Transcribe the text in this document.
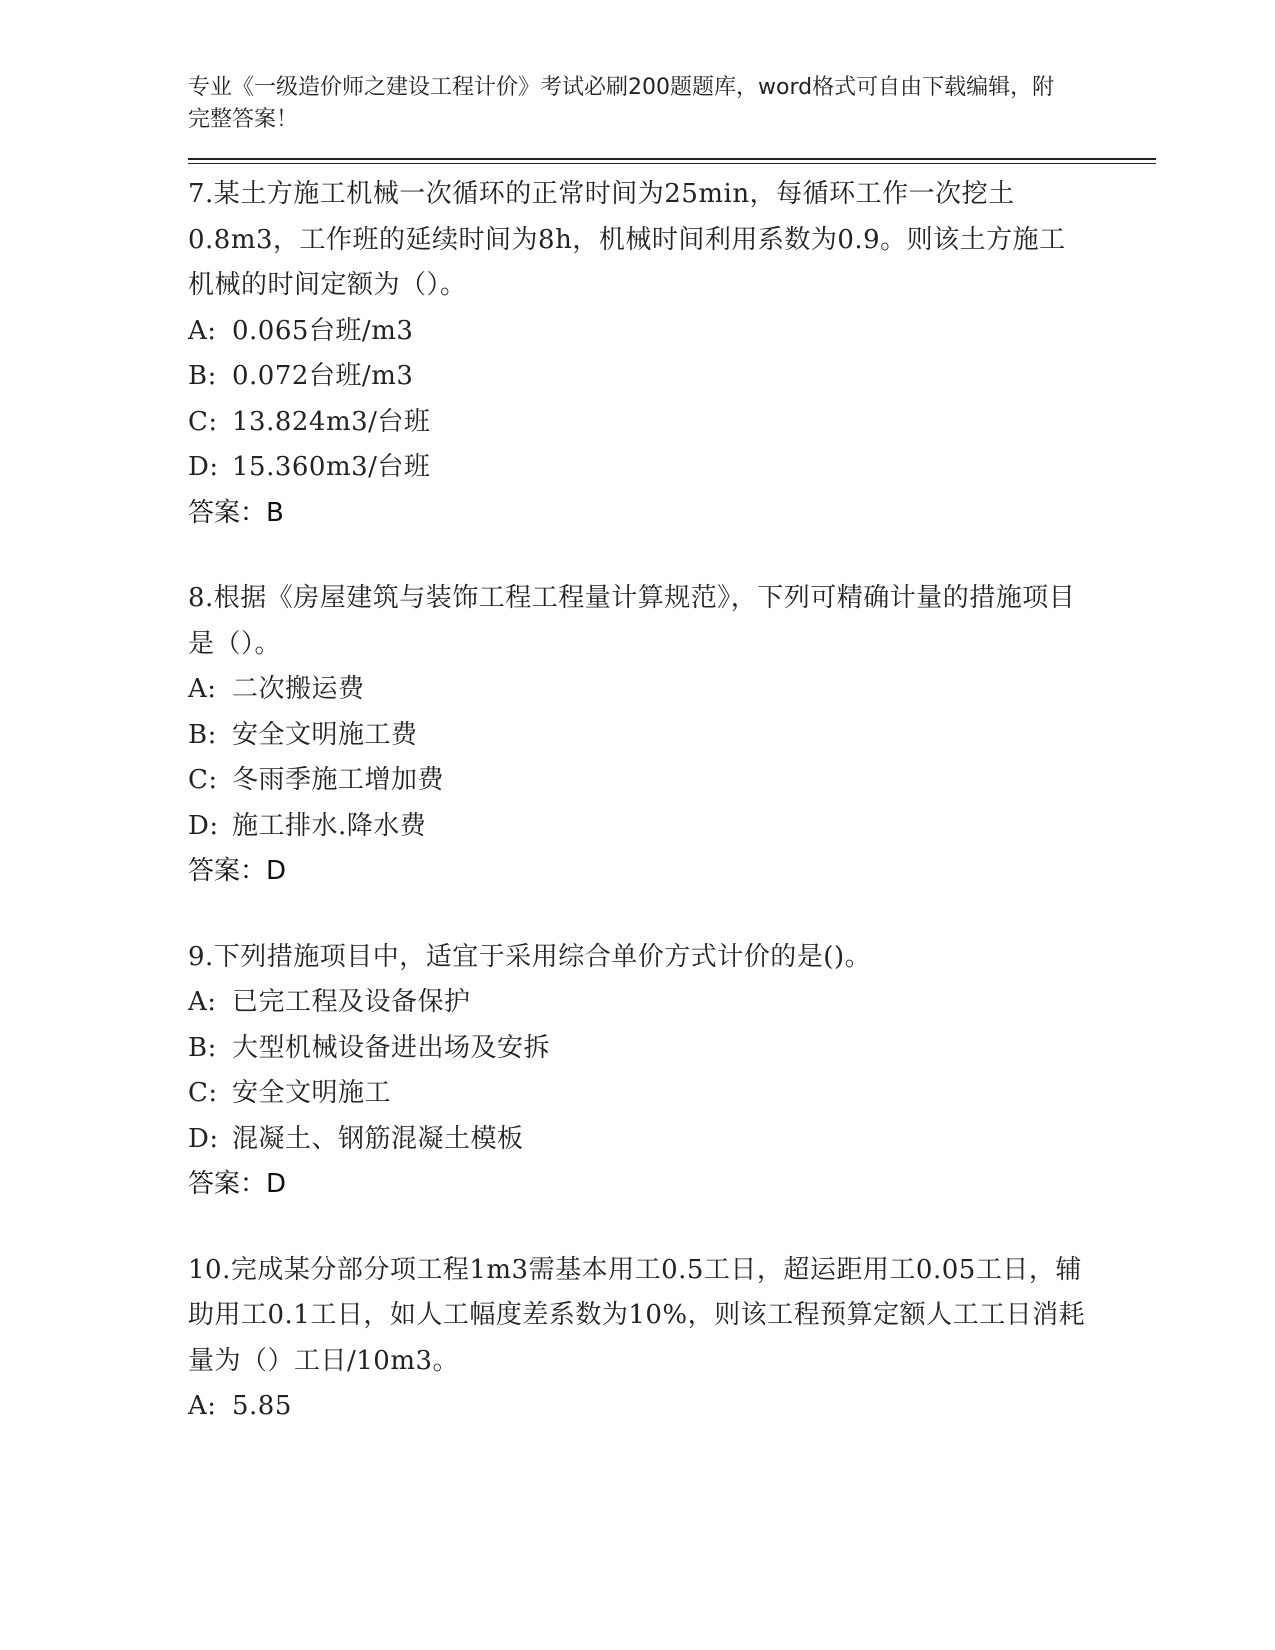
专业《一级造价师之建设工程计价》考试必刷200题题库，word格式可自由下载编辑，附完整答案！
7.某土方施工机械一次循环的正常时间为25min，每循环工作一次挖土0.8m3，工作班的延续时间为8h，机械时间利用系数为0.9。则该土方施工机械的时间定额为（）。
A: 0.065台班/m3
B: 0.072台班/m3
C: 13.824m3/台班
D: 15.360m3/台班
答案：B
8.根据《房屋建筑与装饰工程工程量计算规范》，下列可精确计量的措施项目是（）。
A: 二次搬运费
B: 安全文明施工费
C: 冬雨季施工增加费
D: 施工排水.降水费
答案：D
9.下列措施项目中，适宜于采用综合单价方式计价的是()。
A: 已完工程及设备保护
B: 大型机械设备进出场及安拆
C: 安全文明施工
D: 混凝土、钢筋混凝土模板
答案：D
10.完成某分部分项工程1m3需基本用工0.5工日，超运距用工0.05工日，辅助用工0.1工日，如人工幅度差系数为10%，则该工程预算定额人工工日消耗量为（）工日/10m3。
A: 5.85
